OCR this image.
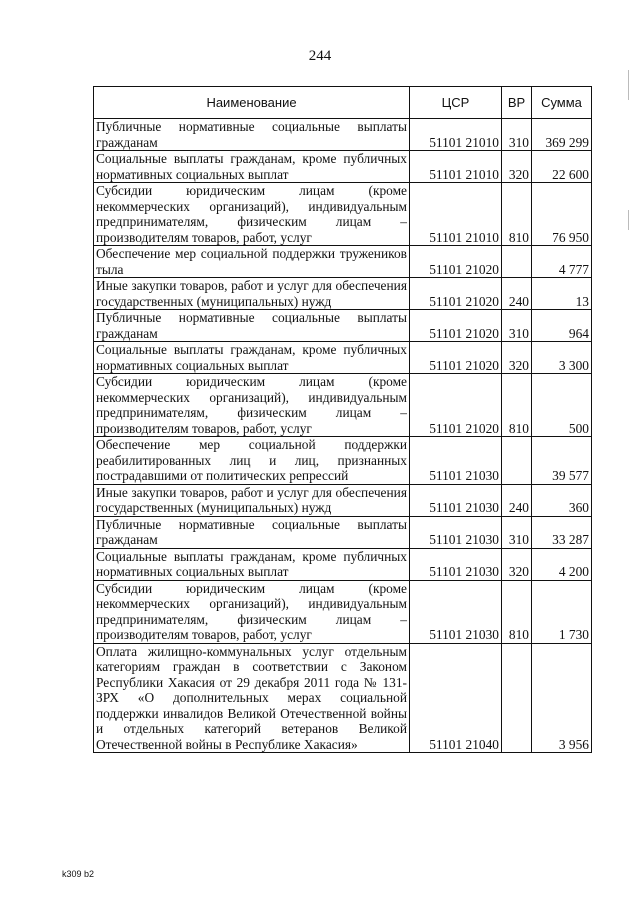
244
Наименование	ЦСР	ВР	Сумма
Публичные нормативные социальные выплаты гражданам	51101 21010	310	369 299
Социальные выплаты гражданам, кроме публичных нормативных социальных выплат	51101 21010	320	22 600
Субсидии юридическим лицам (кроме некоммерческих организаций), индивидуальным предпринимателям, физическим лицам – производителям товаров, работ, услуг	51101 21010	810	76 950
Обеспечение мер социальной поддержки тружеников тыла	51101 21020		4 777
Иные закупки товаров, работ и услуг для обеспечения государственных (муниципальных) нужд	51101 21020	240	13
Публичные нормативные социальные выплаты гражданам	51101 21020	310	964
Социальные выплаты гражданам, кроме публичных нормативных социальных выплат	51101 21020	320	3 300
Субсидии юридическим лицам (кроме некоммерческих организаций), индивидуальным предпринимателям, физическим лицам – производителям товаров, работ, услуг	51101 21020	810	500
Обеспечение мер социальной поддержки реабилитированных лиц и лиц, признанных пострадавшими от политических репрессий	51101 21030		39 577
Иные закупки товаров, работ и услуг для обеспечения государственных (муниципальных) нужд	51101 21030	240	360
Публичные нормативные социальные выплаты гражданам	51101 21030	310	33 287
Социальные выплаты гражданам, кроме публичных нормативных социальных выплат	51101 21030	320	4 200
Субсидии юридическим лицам (кроме некоммерческих организаций), индивидуальным предпринимателям, физическим лицам – производителям товаров, работ, услуг	51101 21030	810	1 730
Оплата жилищно-коммунальных услуг отдельным категориям граждан в соответствии с Законом Республики Хакасия от 29 декабря 2011 года № 131-ЗРХ «О дополнительных мерах социальной поддержки инвалидов Великой Отечественной войны и отдельных категорий ветеранов Великой Отечественной войны в Республике Хакасия»	51101 21040		3 956
k309 b2
